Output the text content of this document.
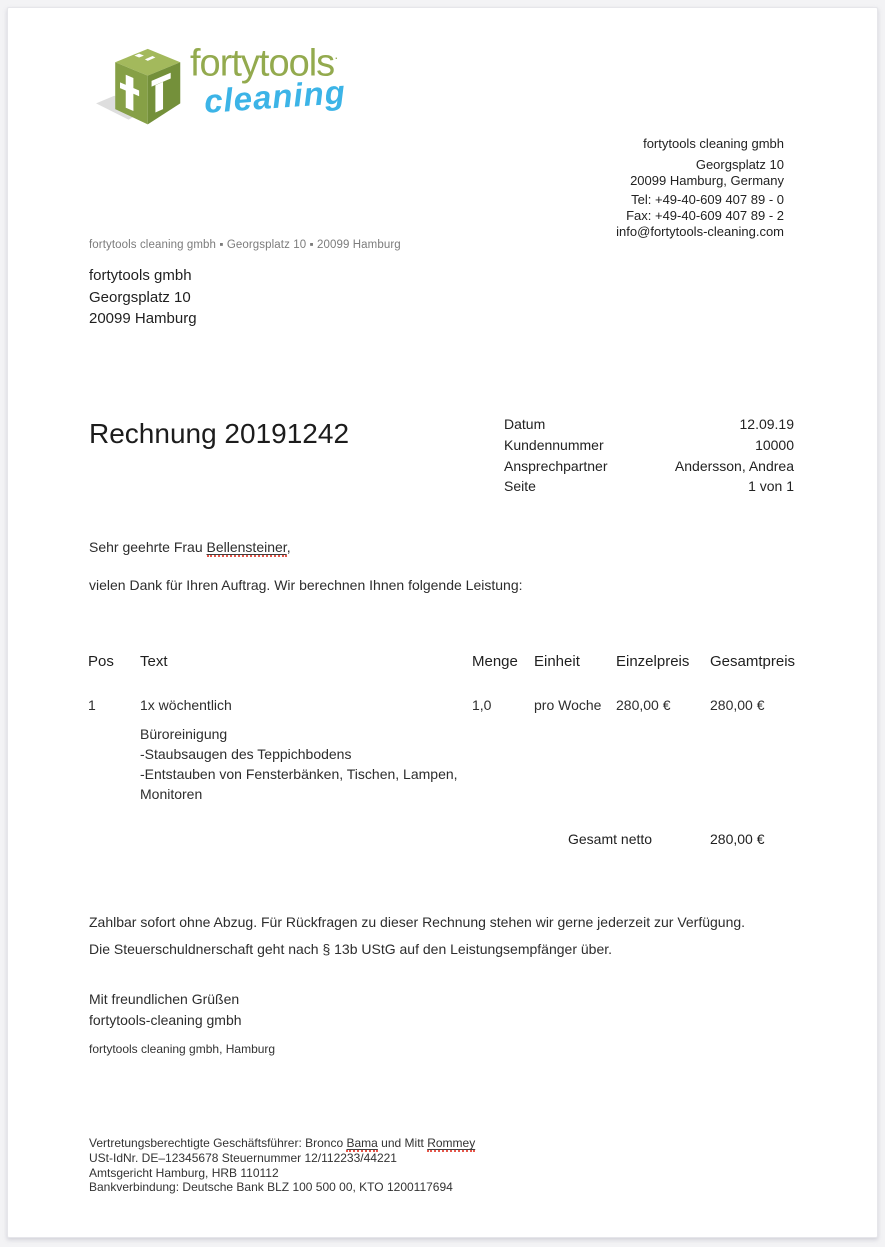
fortytools·
cleaning
fortytools cleaning gmbh
Georgsplatz 10
20099 Hamburg, Germany
Tel: +49-40-609 407 89 - 0
Fax: +49-40-609 407 89 - 2
info@fortytools-cleaning.com
fortytools cleaning gmbh ▪ Georgsplatz 10 ▪ 20099 Hamburg
fortytools gmbh
Georgsplatz 10
20099 Hamburg
Rechnung 20191242	Datum	12.09.19
Kundennummer	10000
Ansprechpartner	Andersson, Andrea
Seite	1 von 1
Sehr geehrte Frau Bellensteiner,
vielen Dank für Ihren Auftrag. Wir berechnen Ihnen folgende Leistung:
Pos Text	Menge Einheit Einzelpreis Gesamtpreis
1	1x wöchentlich	1,0	pro Woche 280,00 €	280,00 €
Büroreinigung
-Staubsaugen des Teppichbodens
-Entstauben von Fensterbänken, Tischen, Lampen,
Monitoren
Gesamt netto	280,00 €
Zahlbar sofort ohne Abzug. Für Rückfragen zu dieser Rechnung stehen wir gerne jederzeit zur Verfügung.
Die Steuerschuldnerschaft geht nach § 13b UStG auf den Leistungsempfänger über.
Mit freundlichen Grüßen
fortytools-cleaning gmbh
fortytools cleaning gmbh, Hamburg
Vertretungsberechtigte Geschäftsführer: Bronco Bama und Mitt Rommey
USt-IdNr. DE–12345678 Steuernummer 12/112233/44221
Amtsgericht Hamburg, HRB 110112
Bankverbindung: Deutsche Bank BLZ 100 500 00, KTO 1200117694
